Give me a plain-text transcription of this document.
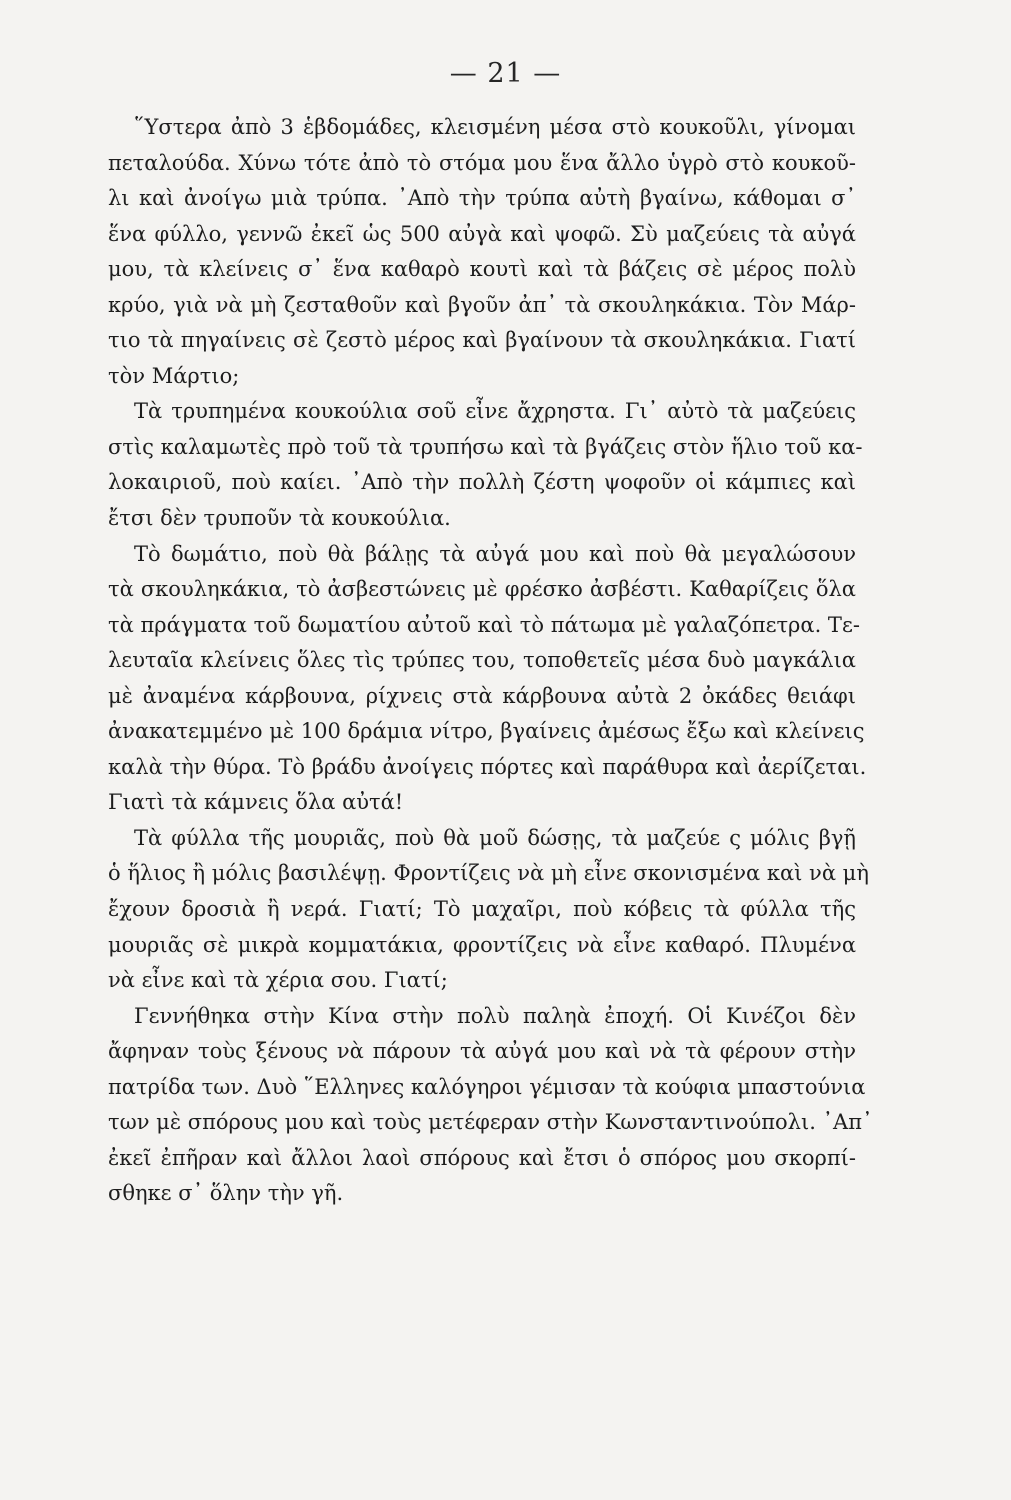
— 21 —
῞Υστερα ἀπὸ 3 ἑβδομάδες, κλεισμένη μέσα στὸ κουκοῦλι, γίνομαι
πεταλούδα. Χύνω τότε ἀπὸ τὸ στόμα μου ἕνα ἄλλο ὑγρὸ στὸ κουκοῦ-
λι καὶ ἀνοίγω μιὰ τρύπα. ᾿Απὸ τὴν τρύπα αὐτὴ βγαίνω, κάθομαι σ᾿
ἕνα φύλλο, γεννῶ ἐκεῖ ὡς 500 αὐγὰ καὶ ψοφῶ. Σὺ μαζεύεις τὰ αὐγά
μου, τὰ κλείνεις σ᾿ ἕνα καθαρὸ κουτὶ καὶ τὰ βάζεις σὲ μέρος πολὺ
κρύο, γιὰ νὰ μὴ ζεσταθοῦν καὶ βγοῦν ἀπ᾿ τὰ σκουληκάκια. Τὸν Μάρ-
τιο τὰ πηγαίνεις σὲ ζεστὸ μέρος καὶ βγαίνουν τὰ σκουληκάκια. Γιατί
τὸν Μάρτιο;
Τὰ τρυπημένα κουκούλια σοῦ εἶνε ἄχρηστα. Γι᾿ αὐτὸ τὰ μαζεύεις
στὶς καλαμωτὲς πρὸ τοῦ τὰ τρυπήσω καὶ τὰ βγάζεις στὸν ἥλιο τοῦ κα-
λοκαιριοῦ, ποὺ καίει. ᾿Απὸ τὴν πολλὴ ζέστη ψοφοῦν οἱ κάμπιες καὶ
ἔτσι δὲν τρυποῦν τὰ κουκούλια.
Τὸ δωμάτιο, ποὺ θὰ βάλῃς τὰ αὐγά μου καὶ ποὺ θὰ μεγαλώσουν
τὰ σκουληκάκια, τὸ ἀσβεστώνεις μὲ φρέσκο ἀσβέστι. Καθαρίζεις ὅλα
τὰ πράγματα τοῦ δωματίου αὐτοῦ καὶ τὸ πάτωμα μὲ γαλαζόπετρα. Τε-
λευταῖα κλείνεις ὅλες τὶς τρύπες του, τοποθετεῖς μέσα δυὸ μαγκάλια
μὲ ἀναμένα κάρβουνα, ρίχνεις στὰ κάρβουνα αὐτὰ 2 ὀκάδες θειάφι
ἀνακατεμμένο μὲ 100 δράμια νίτρο, βγαίνεις ἀμέσως ἔξω καὶ κλείνεις
καλὰ τὴν θύρα. Τὸ βράδυ ἀνοίγεις πόρτες καὶ παράθυρα καὶ ἀερίζεται.
Γιατὶ τὰ κάμνεις ὅλα αὐτά!
Τὰ φύλλα τῆς μουριᾶς, ποὺ θὰ μοῦ δώσῃς, τὰ μαζεύε ς μόλις βγῇ
ὁ ἥλιος ἢ μόλις βασιλέψῃ. Φροντίζεις νὰ μὴ εἶνε σκονισμένα καὶ νὰ μὴ
ἔχουν δροσιὰ ἢ νερά. Γιατί; Τὸ μαχαῖρι, ποὺ κόβεις τὰ φύλλα τῆς
μουριᾶς σὲ μικρὰ κομματάκια, φροντίζεις νὰ εἶνε καθαρό. Πλυμένα
νὰ εἶνε καὶ τὰ χέρια σου. Γιατί;
Γεννήθηκα στὴν Κίνα στὴν πολὺ παληὰ ἐποχή. Οἱ Κινέζοι δὲν
ἄφηναν τοὺς ξένους νὰ πάρουν τὰ αὐγά μου καὶ νὰ τὰ φέρουν στὴν
πατρίδα των. Δυὸ ῞Ελληνες καλόγηροι γέμισαν τὰ κούφια μπαστούνια
των μὲ σπόρους μου καὶ τοὺς μετέφεραν στὴν Κωνσταντινούπολι. ᾿Απ᾿
ἐκεῖ ἐπῆραν καὶ ἄλλοι λαοὶ σπόρους καὶ ἔτσι ὁ σπόρος μου σκορπί-
σθηκε σ᾿ ὅλην τὴν γῆ.
